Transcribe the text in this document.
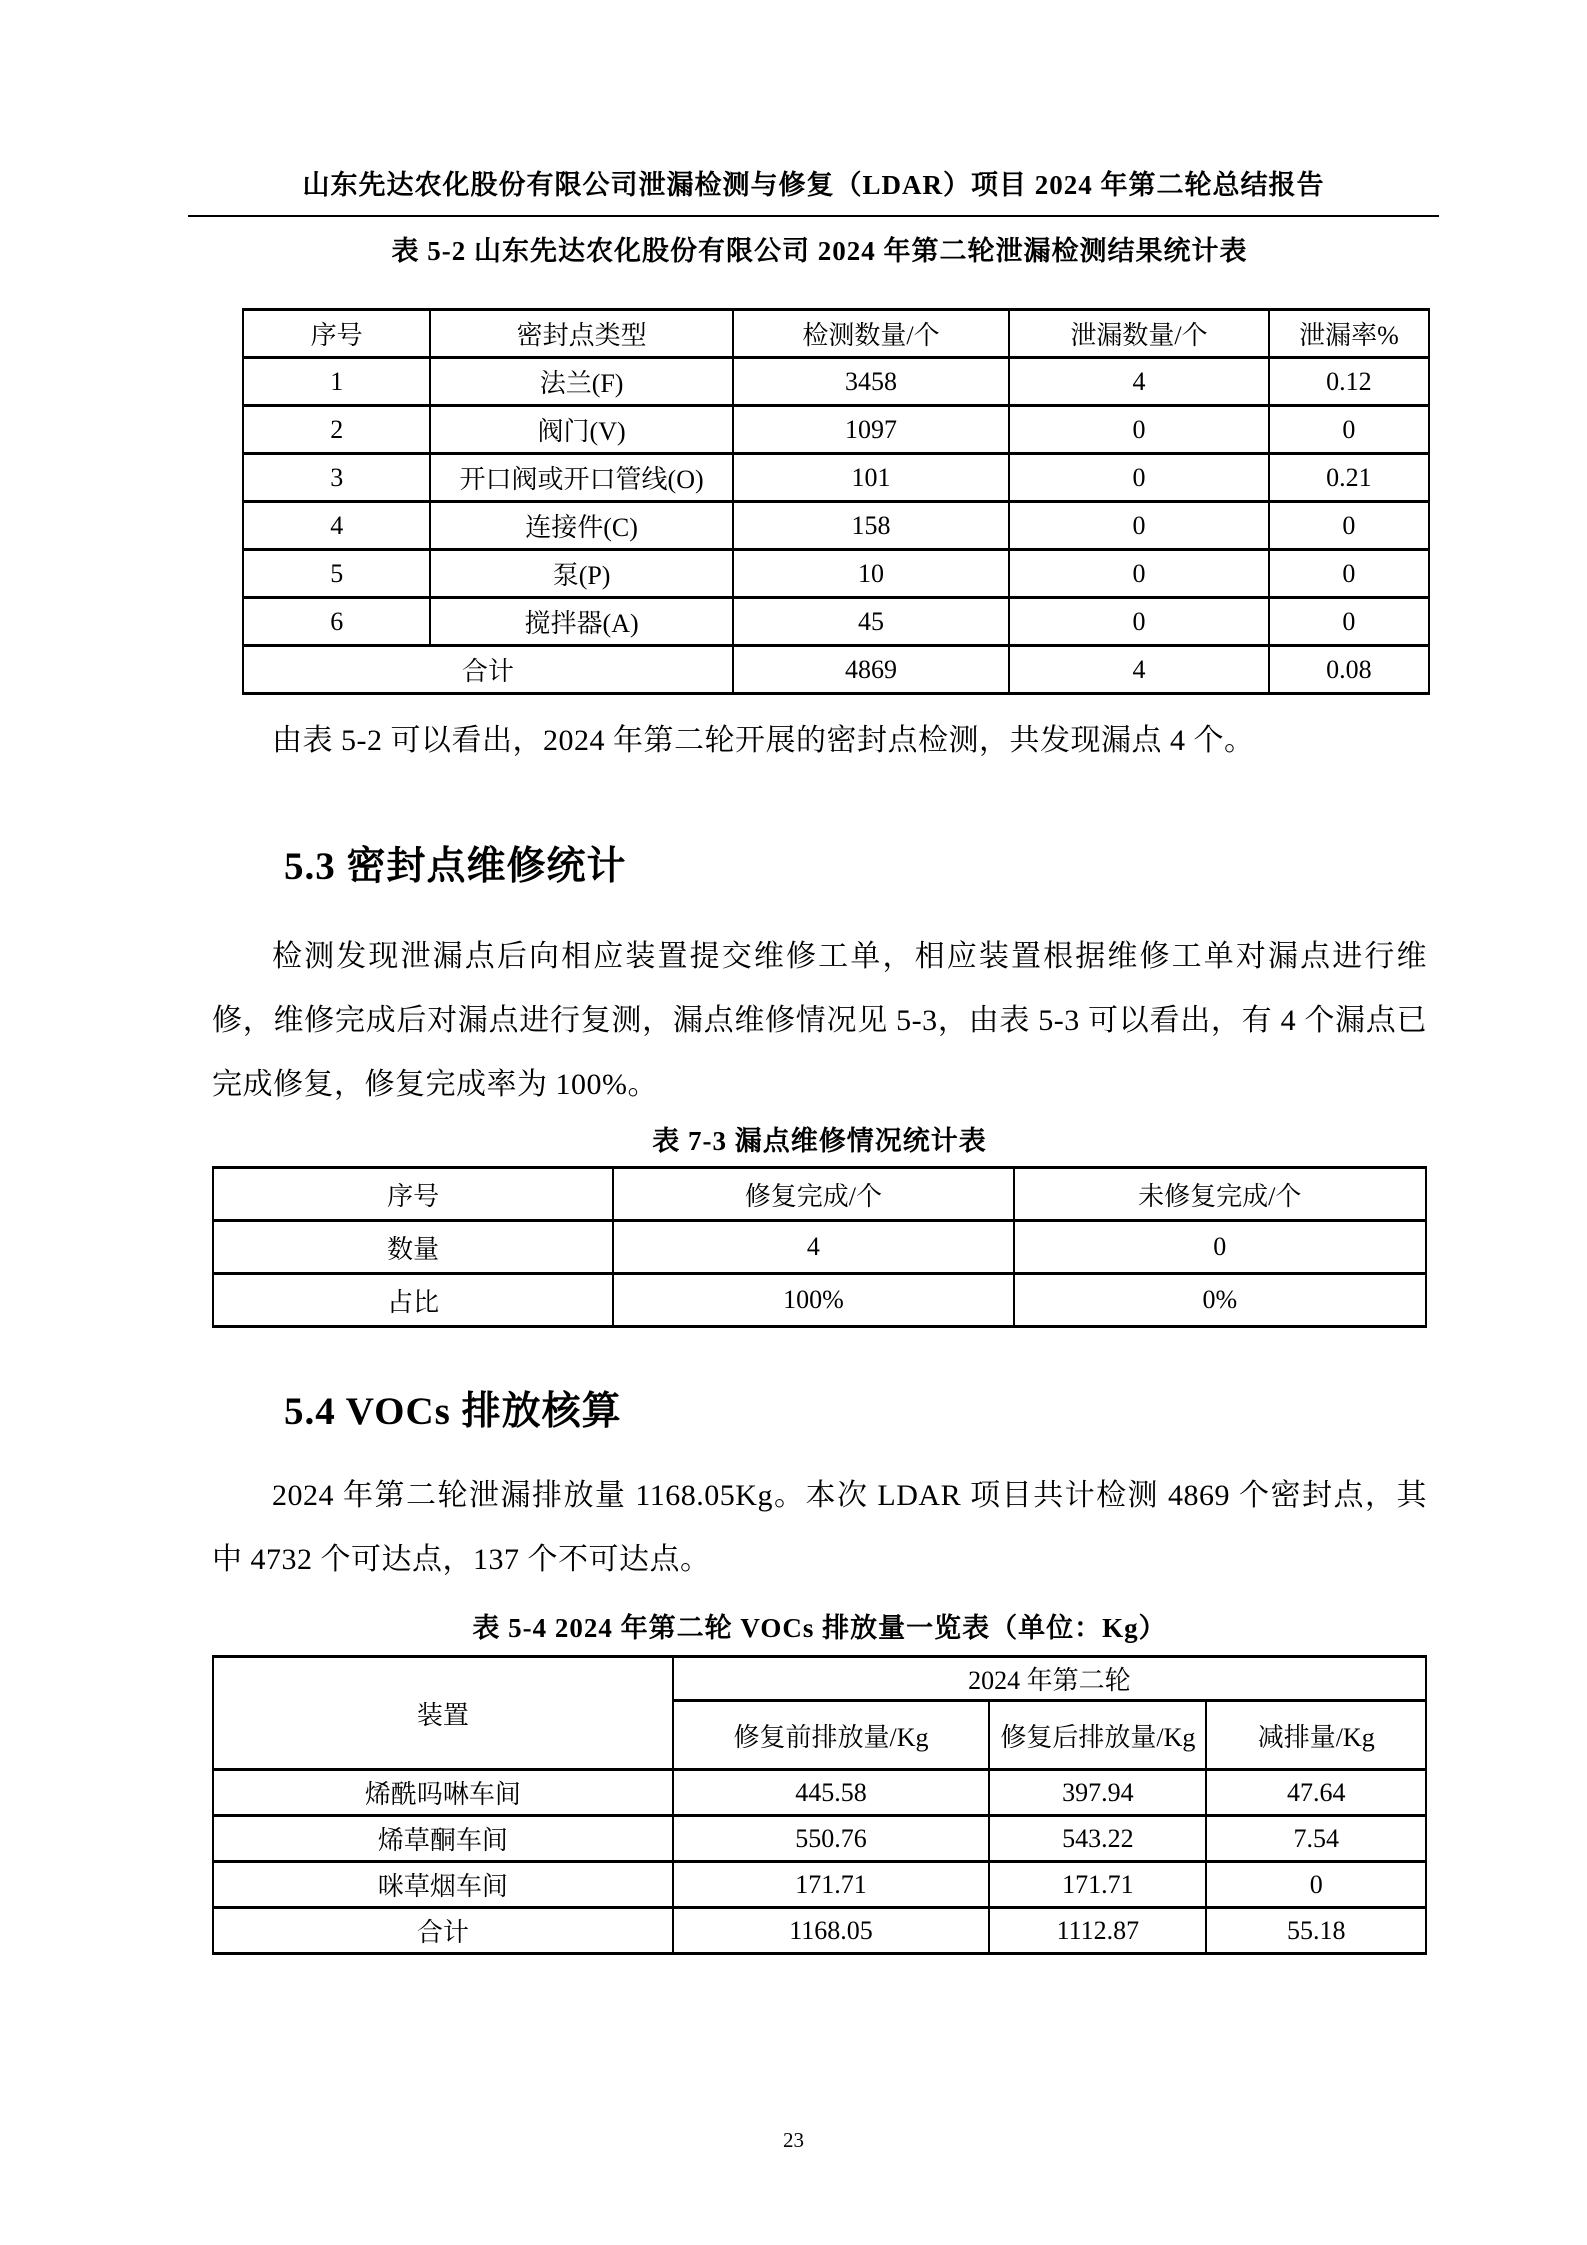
山东先达农化股份有限公司泄漏检测与修复（LDAR）项目 2024 年第二轮总结报告
表 5-2 山东先达农化股份有限公司 2024 年第二轮泄漏检测结果统计表
序号	密封点类型	检测数量/个	泄漏数量/个	泄漏率%
1	法兰(F)	3458	4	0.12
2	阀门(V)	1097	0	0
3	开口阀或开口管线(O)	101	0	0.21
4	连接件(C)	158	0	0
5	泵(P)	10	0	0
6	搅拌器(A)	45	0	0
合计		4869	4	0.08

由表 5-2 可以看出，2024 年第二轮开展的密封点检测，共发现漏点 4 个。

5.3 密封点维修统计

检测发现泄漏点后向相应装置提交维修工单，相应装置根据维修工单对漏点进行维修，维修完成后对漏点进行复测，漏点维修情况见 5-3，由表 5-3 可以看出，有 4 个漏点已完成修复，修复完成率为 100%。

表 7-3 漏点维修情况统计表
序号	修复完成/个	未修复完成/个
数量	4	0
占比	100%	0%
5.4 VOCs 排放核算

2024 年第二轮泄漏排放量 1168.05Kg。本次 LDAR 项目共计检测 4869 个密封点，其中 4732 个可达点，137 个不可达点。

表 5-4 2024 年第二轮 VOCs 排放量一览表（单位：Kg）
装置	2024 年第二轮		
	修复前排放量/Kg	修复后排放量/Kg	减排量/Kg
烯酰吗啉车间	445.58	397.94	47.64
烯草酮车间	550.76	543.22	7.54
咪草烟车间	171.71	171.71	0
合计	1168.05	1112.87	55.18
23
